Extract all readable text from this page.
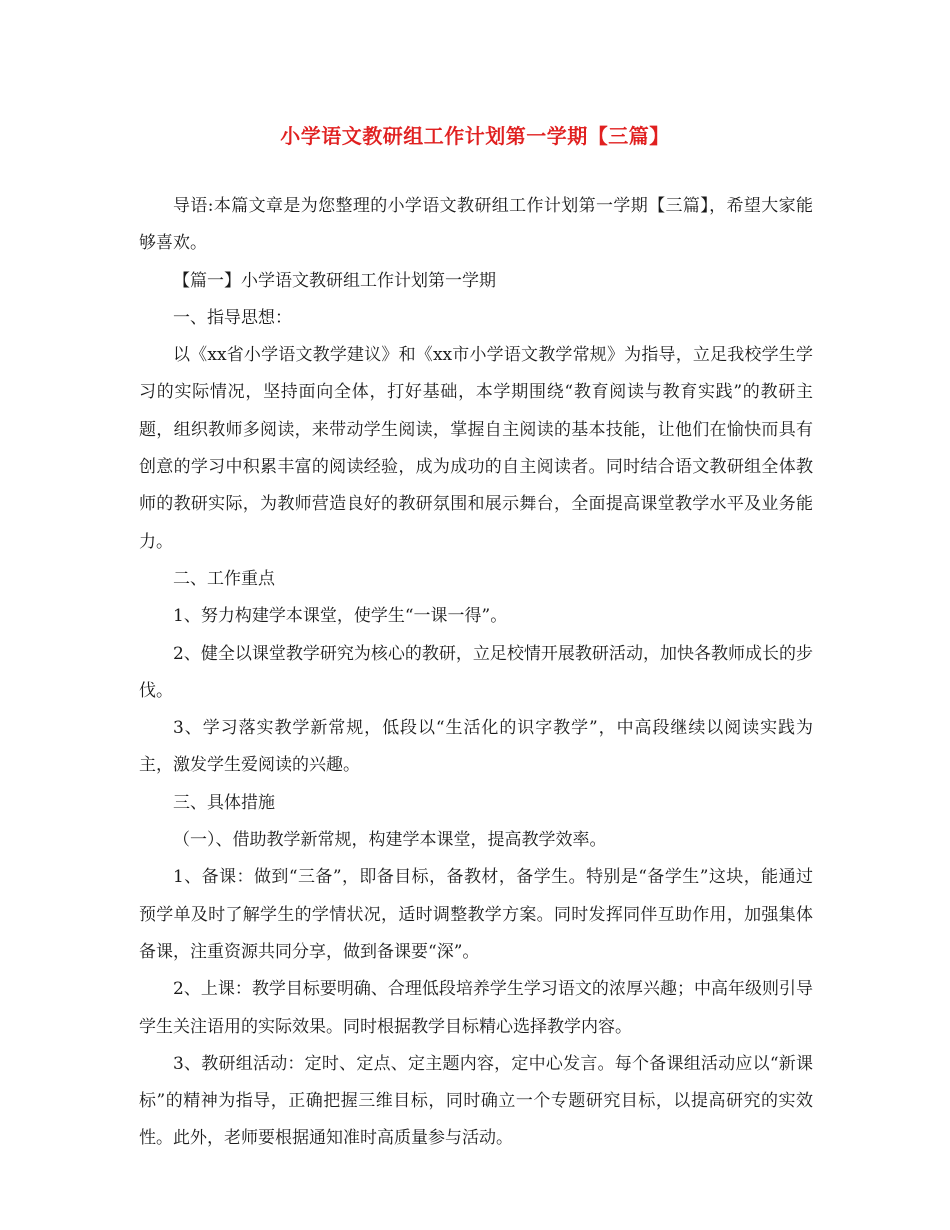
小学语文教研组工作计划第一学期【三篇】

导语:本篇文章是为您整理的小学语文教研组工作计划第一学期【三篇】，希望大家能够喜欢。

【篇一】小学语文教研组工作计划第一学期

一、指导思想：

以《xx省小学语文教学建议》和《xx市小学语文教学常规》为指导，立足我校学生学习的实际情况，坚持面向全体，打好基础，本学期围绕“教育阅读与教育实践”的教研主题，组织教师多阅读，来带动学生阅读，掌握自主阅读的基本技能，让他们在愉快而具有创意的学习中积累丰富的阅读经验，成为成功的自主阅读者。同时结合语文教研组全体教师的教研实际，为教师营造良好的教研氛围和展示舞台，全面提高课堂教学水平及业务能力。

二、工作重点

1、努力构建学本课堂，使学生“一课一得”。

2、健全以课堂教学研究为核心的教研，立足校情开展教研活动，加快各教师成长的步伐。

3、学习落实教学新常规，低段以“生活化的识字教学”，中高段继续以阅读实践为主，激发学生爱阅读的兴趣。

三、具体措施

（一）、借助教学新常规，构建学本课堂，提高教学效率。

1、备课：做到“三备”，即备目标，备教材，备学生。特别是“备学生”这块，能通过预学单及时了解学生的学情状况，适时调整教学方案。同时发挥同伴互助作用，加强集体备课，注重资源共同分享，做到备课要“深”。

2、上课：教学目标要明确、合理低段培养学生学习语文的浓厚兴趣；中高年级则引导学生关注语用的实际效果。同时根据教学目标精心选择教学内容。

3、教研组活动：定时、定点、定主题内容，定中心发言。每个备课组活动应以“新课标”的精神为指导，正确把握三维目标，同时确立一个专题研究目标，以提高研究的实效性。此外，老师要根据通知准时高质量参与活动。
